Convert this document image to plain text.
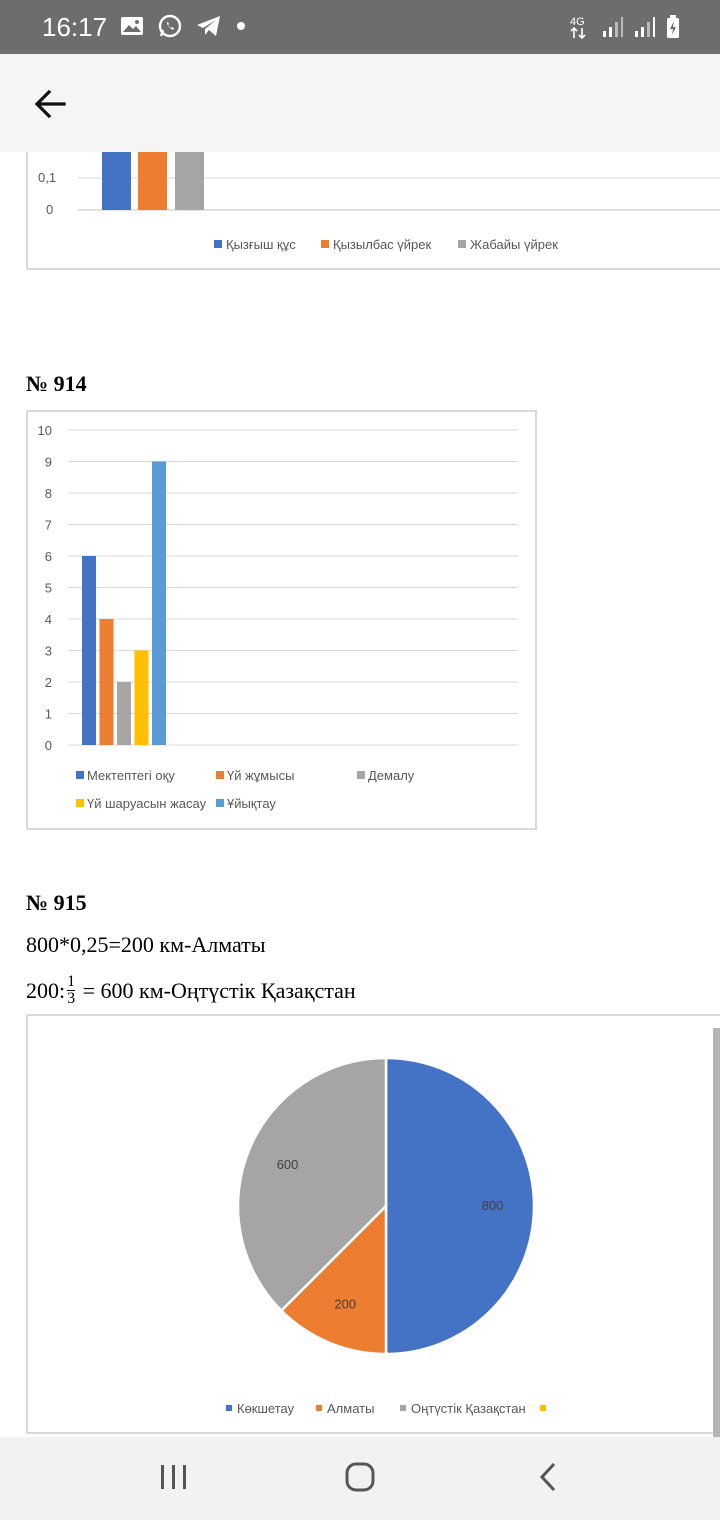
16:17	4G
0,1
0
Қызғыш құс	Қызылбас үйрек	Жабайы үйрек
№ 914
0
1
2
3
4
5
6
7
8
9
10
Мектептегі оқу	Үй жұмысы	Демалу
Үй шаруасын жасау Ұйықтау
№ 915
800*0,25=200 км-Алматы
200: $\frac{1}{3} = 600$ км-Оңтүстік Қазақстан
800
200
600
Көкшетау	Алматы	Оңтүстік Қазақстан
